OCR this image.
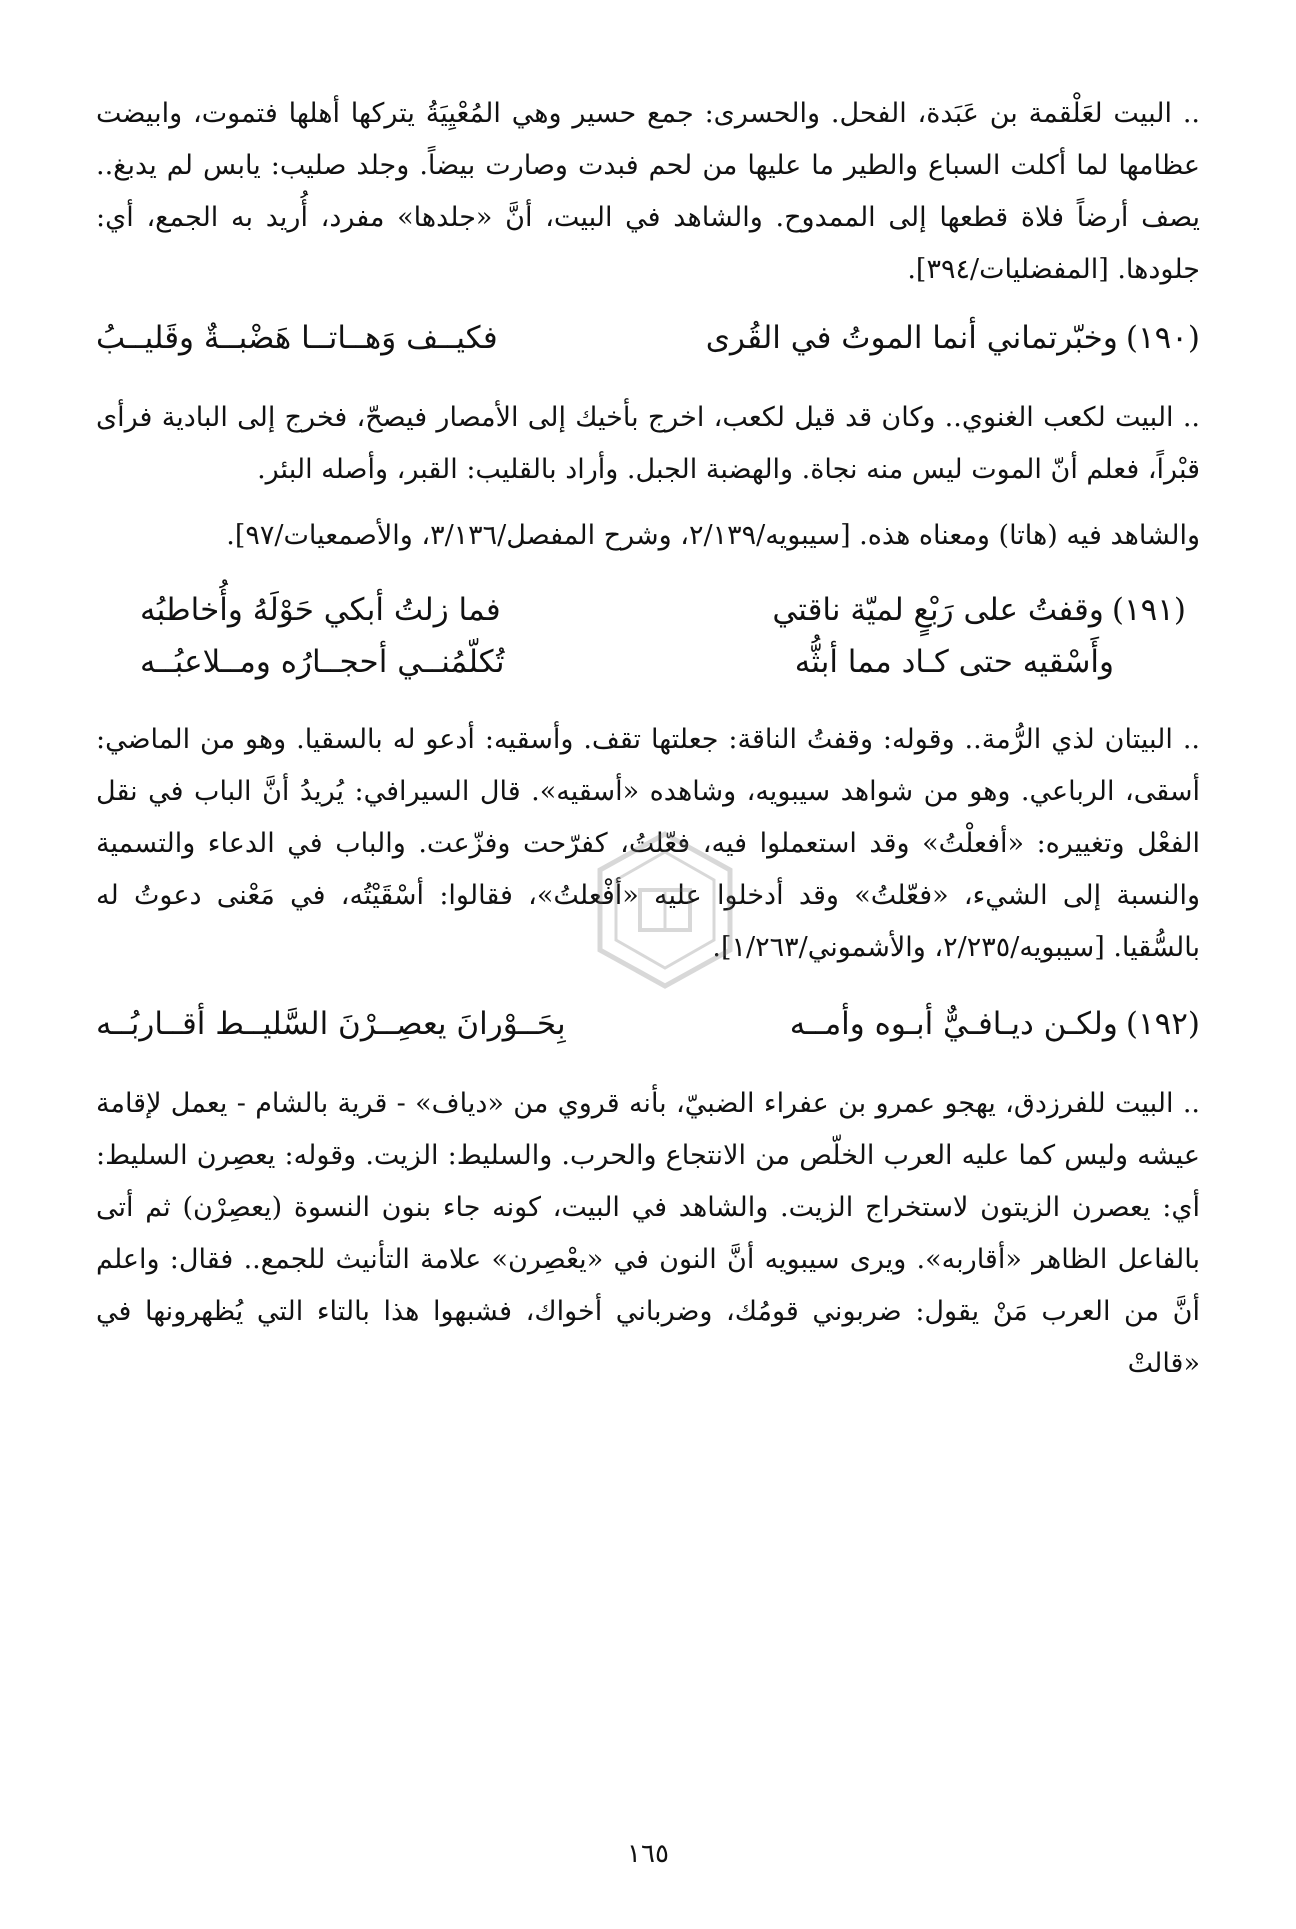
.. البيت لعَلْقمة بن عَبَدة، الفحل. والحسرى: جمع حسير وهي المُعْيِيَةُ يتركها أهلها فتموت، وابيضت عظامها لما أكلت السباع والطير ما عليها من لحم فبدت وصارت بيضاً. وجلد صليب: يابس لم يدبغ.. يصف أرضاً فلاة قطعها إلى الممدوح. والشاهد في البيت، أنَّ «جلدها» مفرد، أُريد به الجمع، أي: جلودها. [المفضليات/٣٩٤].

(١٩٠)وخبّرتماني أنما الموتُ في القُرى
فكيــف وَهــاتــا هَضْبــةٌ وقَليــبُ

.. البيت لكعب الغنوي.. وكان قد قيل لكعب، اخرج بأخيك إلى الأمصار فيصحّ، فخرج إلى البادية فرأى قبْراً، فعلم أنّ الموت ليس منه نجاة. والهضبة الجبل. وأراد بالقليب: القبر، وأصله البئر.

والشاهد فيه (هاتا) ومعناه هذه. [سيبويه/٢/١٣٩، وشرح المفصل/٣/١٣٦، والأصمعيات/٩٧].

(١٩١)وقفتُ على رَبْعٍ لميّة ناقتي
فما زلتُ أبكي حَوْلَهُ وأُخاطبُه
وأَسْقيه حتى كـاد مما أبثُّه
تُكلّمُنــي أحجــارُه ومــلاعبُــه

.. البيتان لذي الرُّمة.. وقوله: وقفتُ الناقة: جعلتها تقف. وأسقيه: أدعو له بالسقيا. وهو من الماضي: أسقى، الرباعي. وهو من شواهد سيبويه، وشاهده «أسقيه». قال السيرافي: يُريدُ أنَّ الباب في نقل الفعْل وتغييره: «أفعلْتُ» وقد استعملوا فيه، فعّلتُ، كفرّحت وفزّعت. والباب في الدعاء والتسمية والنسبة إلى الشيء، «فعّلتُ» وقد أدخلوا عليه «أفْعلتُ»، فقالوا: أسْقَيْتُه، في مَعْنى دعوتُ له بالسُّقيا. [سيبويه/٢/٢٣٥، والأشموني/١/٢٦٣].

(١٩٢)ولكـن ديـافـيٌّ أبـوه وأمــه
بِحَــوْرانَ يعصِــرْنَ السَّليــط أقــاربُــه

.. البيت للفرزدق، يهجو عمرو بن عفراء الضبيّ، بأنه قروي من «دياف» - قرية بالشام - يعمل لإقامة عيشه وليس كما عليه العرب الخلّص من الانتجاع والحرب. والسليط: الزيت. وقوله: يعصِرن السليط: أي: يعصرن الزيتون لاستخراج الزيت. والشاهد في البيت، كونه جاء بنون النسوة (يعصِرْن) ثم أتى بالفاعل الظاهر «أقاربه». ويرى سيبويه أنَّ النون في «يعْصِرن» علامة التأنيث للجمع.. فقال: واعلم أنَّ من العرب مَنْ يقول: ضربوني قومُك، وضرباني أخواك، فشبهوا هذا بالتاء التي يُظهرونها في «قالتْ

١٦٥
